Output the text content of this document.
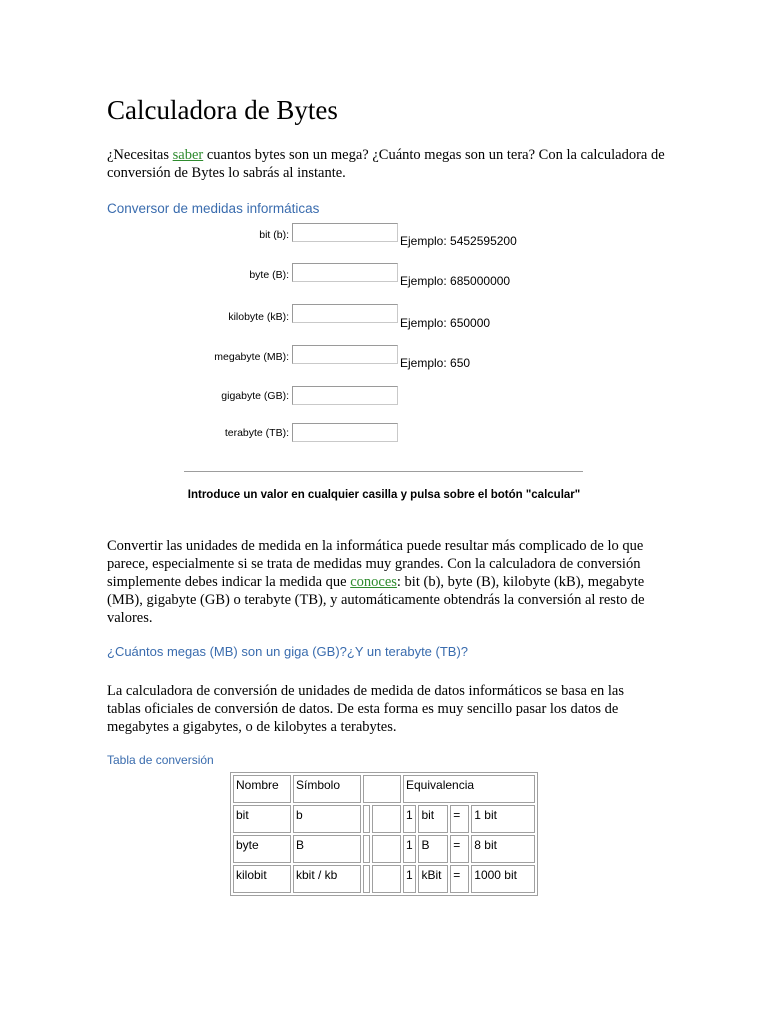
Calculadora de Bytes

¿Necesitas saber cuantos bytes son un mega? ¿Cuánto megas son un tera? Con la calculadora de conversión de Bytes lo sabrás al instante.

Conversor de medidas informáticas

bit (b):	Ejemplo: 5452595200
byte (B):	Ejemplo: 685000000
kilobyte (kB):	Ejemplo: 650000
megabyte (MB):	Ejemplo: 650
gigabyte (GB):
terabyte (TB):
Introduce un valor en cualquier casilla y pulsa sobre el botón "calcular"

Convertir las unidades de medida en la informática puede resultar más complicado de lo que parece, especialmente si se trata de medidas muy grandes. Con la calculadora de conversión simplemente debes indicar la medida que conoces: bit (b), byte (B), kilobyte (kB), megabyte (MB), gigabyte (GB) o terabyte (TB), y automáticamente obtendrás la conversión al resto de valores.

¿Cuántos megas (MB) son un giga (GB)?¿Y un terabyte (TB)?

La calculadora de conversión de unidades de medida de datos informáticos se basa en las tablas oficiales de conversión de datos. De esta forma es muy sencillo pasar los datos de megabytes a gigabytes, o de kilobytes a terabytes.

Tabla de conversión

Nombre	Símbolo			Equivalencia			
bit	b			1	bit	=	1 bit
byte	B			1	B	=	8 bit
kilobit	kbit / kb			1	kBit	=	1000 bit
